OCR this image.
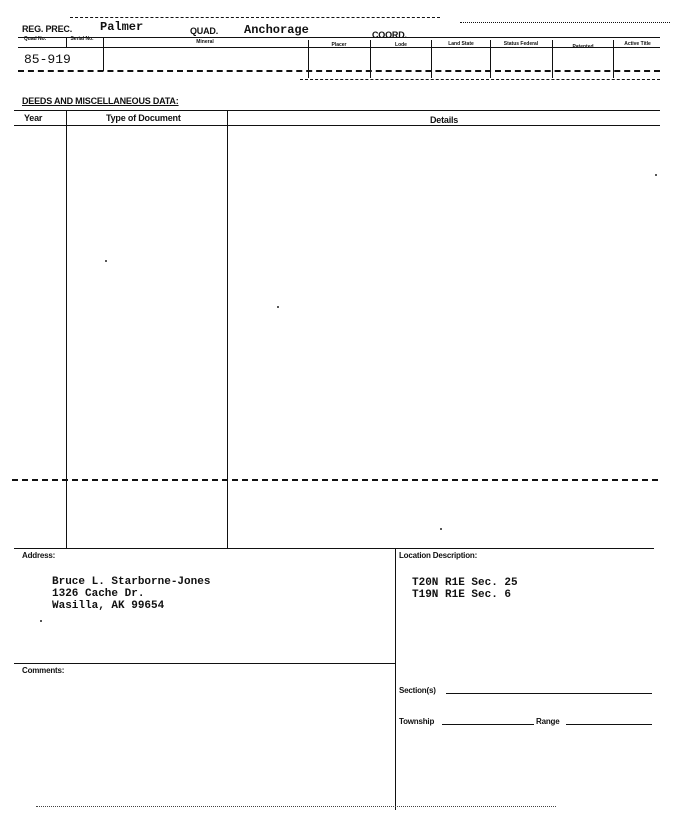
REG. PREC. Palmer	QUAD. Anchorage	COORD.
Quad No.	Serial No.	Mineral	Placer	Lode	Land State	Status Federal	Patented	Active Title
85-919
DEEDS AND MISCELLANEOUS DATA:
Year	Type of Document	Details
Address:
Bruce L. Starborne-Jones
1326 Cache Dr.
Wasilla, AK 99654
Location Description:
T20N R1E Sec. 25
T19N R1E Sec. 6
Section(s)
Township	Range
Comments:
